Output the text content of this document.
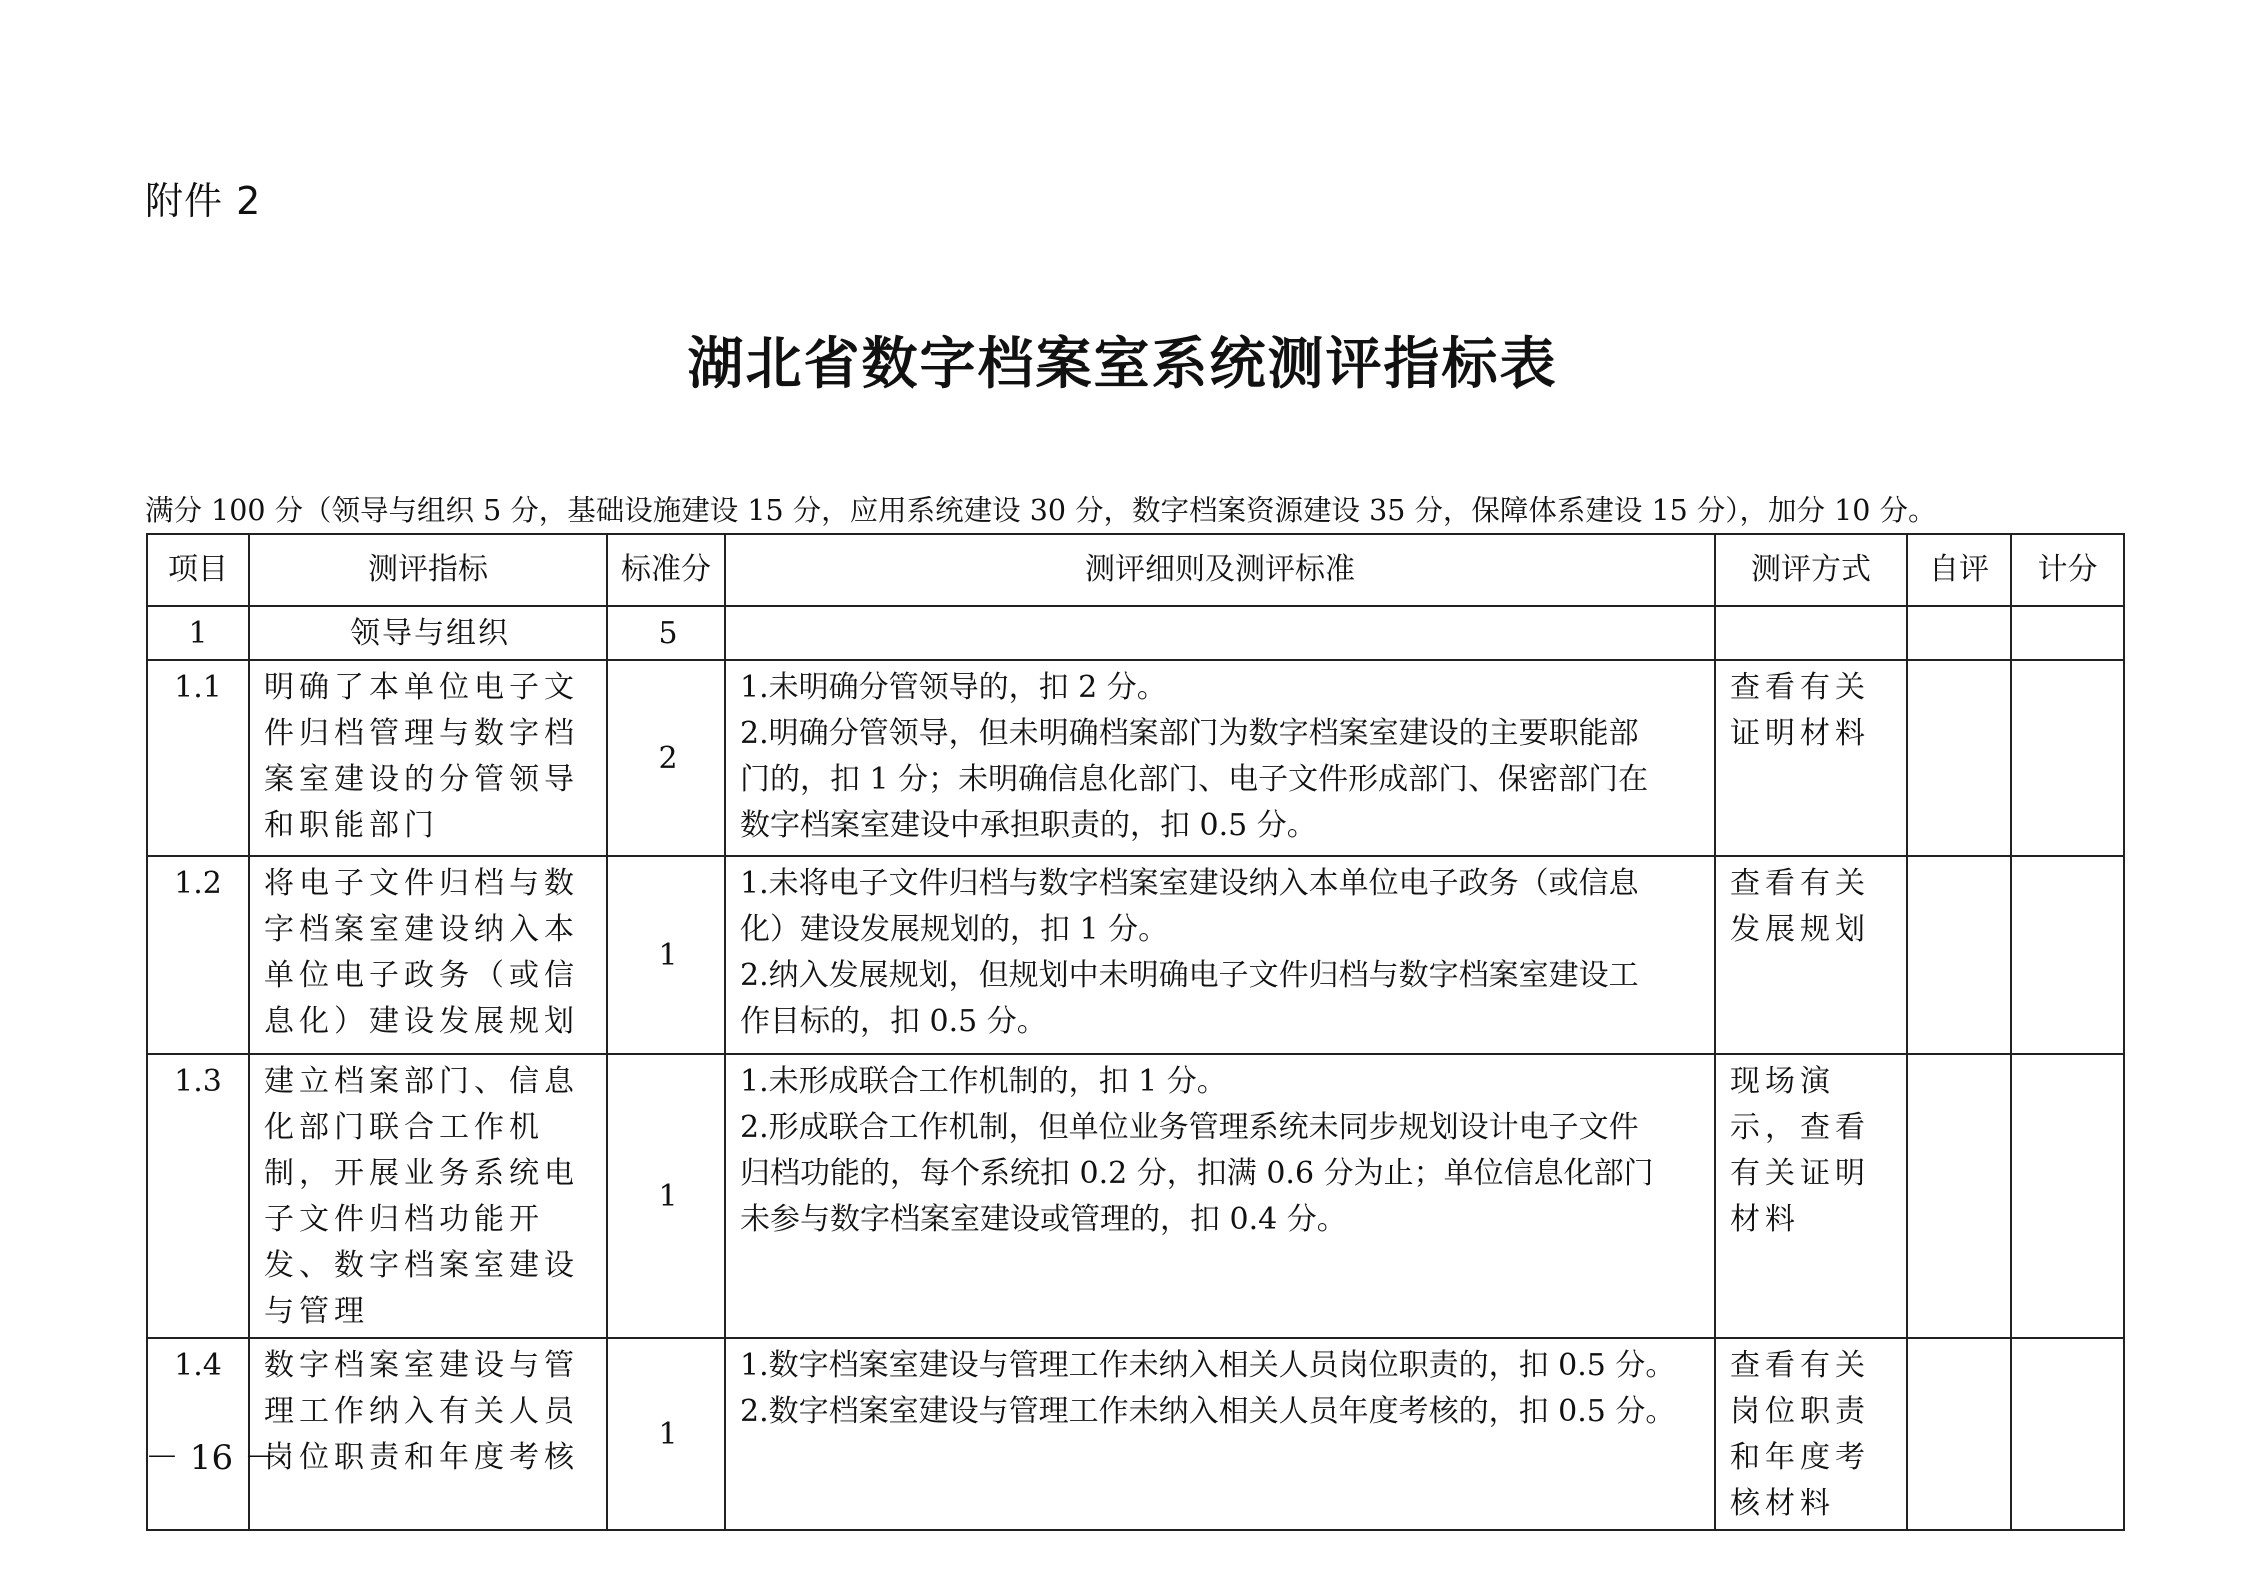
附件 2
湖北省数字档案室系统测评指标表
满分 100 分（领导与组织 5 分，基础设施建设 15 分，应用系统建设 30 分，数字档案资源建设 35 分，保障体系建设 15 分），加分 10 分。
项目	测评指标	标准分	测评细则及测评标准	测评方式	自评	计分
1	领导与组织	5				
1.1	明确了本单位电子文件归档管理与数字档案室建设的分管领导和职能部门	2	1.未明确分管领导的，扣 2 分。
2.明确分管领导，但未明确档案部门为数字档案室建设的主要职能部
门的，扣 1 分；未明确信息化部门、电子文件形成部门、保密部门在
数字档案室建设中承担职责的，扣 0.5 分。	查看有关证明材料		
1.2	将电子文件归档与数字档案室建设纳入本单位电子政务（或信息化）建设发展规划	1	1.未将电子文件归档与数字档案室建设纳入本单位电子政务（或信息
化）建设发展规划的，扣 1 分。
2.纳入发展规划，但规划中未明确电子文件归档与数字档案室建设工
作目标的，扣 0.5 分。	查看有关发展规划		
1.3	建立档案部门、信息化部门联合工作机制，开展业务系统电子文件归档功能开发、数字档案室建设与管理	1	1.未形成联合工作机制的，扣 1 分。
2.形成联合工作机制，但单位业务管理系统未同步规划设计电子文件
归档功能的，每个系统扣 0.2 分，扣满 0.6 分为止；单位信息化部门
未参与数字档案室建设或管理的，扣 0.4 分。	现场演示，查看有关证明材料		
1.4	数字档案室建设与管理工作纳入有关人员岗位职责和年度考核	1	1.数字档案室建设与管理工作未纳入相关人员岗位职责的，扣 0.5 分。
2.数字档案室建设与管理工作未纳入相关人员年度考核的，扣 0.5 分。	查看有关岗位职责和年度考核材料		
－ 16 －
